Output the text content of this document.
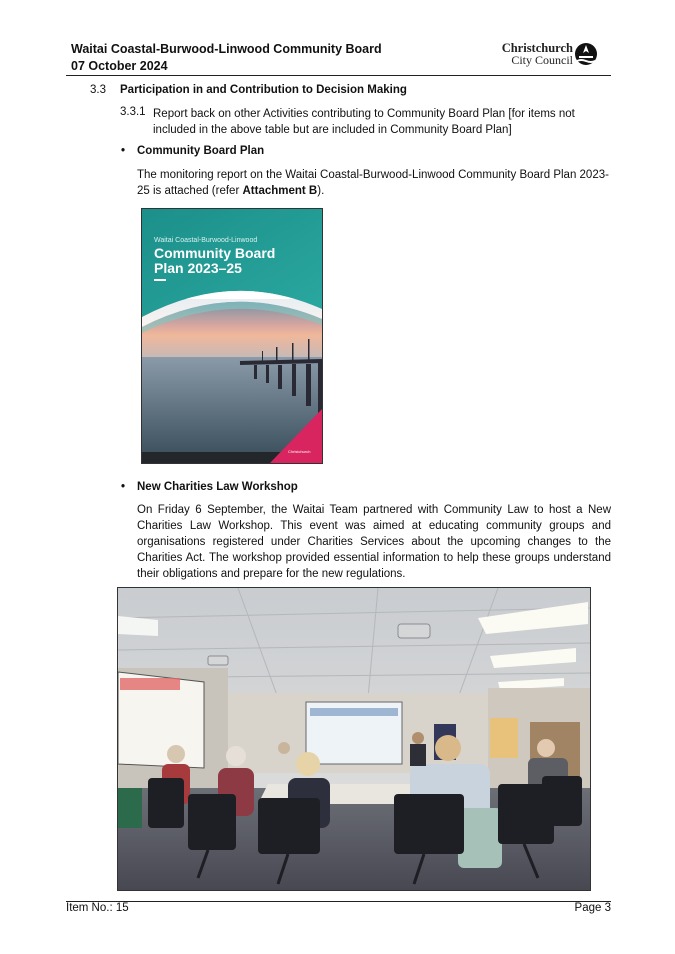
Waitai Coastal-Burwood-Linwood Community Board
07 October 2024
Christchurch
City Council
3.3 Participation in and Contribution to Decision Making
3.3.1 Report back on other Activities contributing to Community Board Plan [for items not included in the above table but are included in Community Board Plan]
• Community Board Plan
The monitoring report on the Waitai Coastal-Burwood-Linwood Community Board Plan 2023-25 is attached (refer Attachment B).
Waitai Coastal-Burwood-Linwood
Community Board
Plan 2023–25
Christchurch
• New Charities Law Workshop
On Friday 6 September, the Waitai Team partnered with Community Law to host a New Charities Law Workshop. This event was aimed at educating community groups and organisations registered under Charities Services about the upcoming changes to the Charities Act. The workshop provided essential information to help these groups understand their obligations and prepare for the new regulations.
Item No.: 15	Page 3
